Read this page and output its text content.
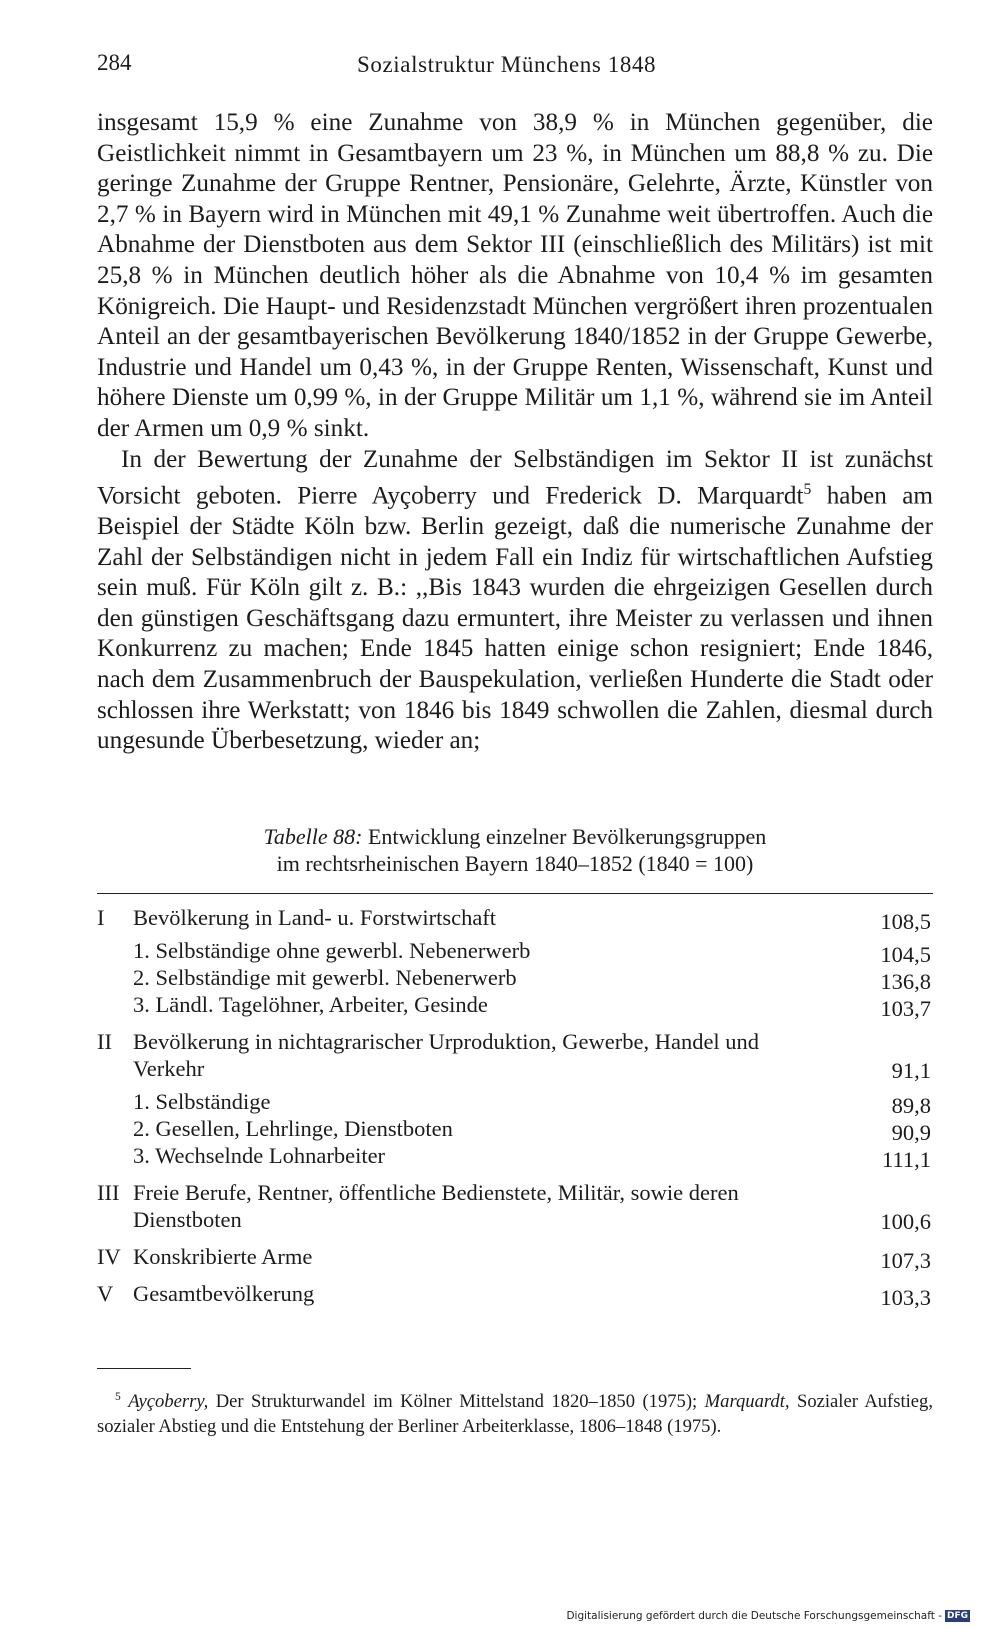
284	Sozialstruktur Münchens 1848

insgesamt 15,9 % eine Zunahme von 38,9 % in München gegenüber, die Geistlichkeit nimmt in Gesamtbayern um 23 %, in München um 88,8 % zu. Die geringe Zunahme der Gruppe Rentner, Pensionäre, Gelehrte, Ärzte, Künstler von 2,7 % in Bayern wird in München mit 49,1 % Zunahme weit übertroffen. Auch die Abnahme der Dienstboten aus dem Sektor III (einschließlich des Militärs) ist mit 25,8 % in München deutlich höher als die Abnahme von 10,4 % im gesamten Königreich. Die Haupt- und Residenzstadt München vergrößert ihren prozentualen Anteil an der gesamtbayerischen Bevölkerung 1840/1852 in der Gruppe Gewerbe, Industrie und Handel um 0,43 %, in der Gruppe Renten, Wissenschaft, Kunst und höhere Dienste um 0,99 %, in der Gruppe Militär um 1,1 %, während sie im Anteil der Armen um 0,9 % sinkt.

In der Bewertung der Zunahme der Selbständigen im Sektor II ist zunächst Vorsicht geboten. Pierre Ayçoberry und Frederick D. Marquardt$^5$ haben am Beispiel der Städte Köln bzw. Berlin gezeigt, daß die numerische Zunahme der Zahl der Selbständigen nicht in jedem Fall ein Indiz für wirtschaftlichen Aufstieg sein muß. Für Köln gilt z. B.: ,,Bis 1843 wurden die ehrgeizigen Gesellen durch den günstigen Geschäftsgang dazu ermuntert, ihre Meister zu verlassen und ihnen Konkurrenz zu machen; Ende 1845 hatten einige schon resigniert; Ende 1846, nach dem Zusammenbruch der Bauspekulation, verließen Hunderte die Stadt oder schlossen ihre Werkstatt; von 1846 bis 1849 schwollen die Zahlen, diesmal durch ungesunde Überbesetzung, wieder an;

Tabelle 88: Entwicklung einzelner Bevölkerungsgruppen
im rechtsrheinischen Bayern 1840–1852 (1840 = 100)
I	Bevölkerung in Land- u. Forstwirtschaft	108,5
1. Selbständige ohne gewerbl. Nebenerwerb	104,5
2. Selbständige mit gewerbl. Nebenerwerb	136,8
3. Ländl. Tagelöhner, Arbeiter, Gesinde	103,7
II Bevölkerung in nichtagrarischer Urproduktion, Gewerbe, Handel und Verkehr	91,1
1. Selbständige	89,8
2. Gesellen, Lehrlinge, Dienstboten	90,9
3. Wechselnde Lohnarbeiter	111,1
III Freie Berufe, Rentner, öffentliche Bedienstete, Militär, sowie deren Dienstboten	100,6
IV Konskribierte Arme	107,3
V Gesamtbevölkerung	103,3
$^5$ Ayçoberry, Der Strukturwandel im Kölner Mittelstand 1820–1850 (1975); Marquardt, Sozialer Aufstieg, sozialer Abstieg und die Entstehung der Berliner Arbeiterklasse, 1806–1848 (1975).
Digitalisierung gefördert durch die Deutsche Forschungsgemeinschaft - DFG
